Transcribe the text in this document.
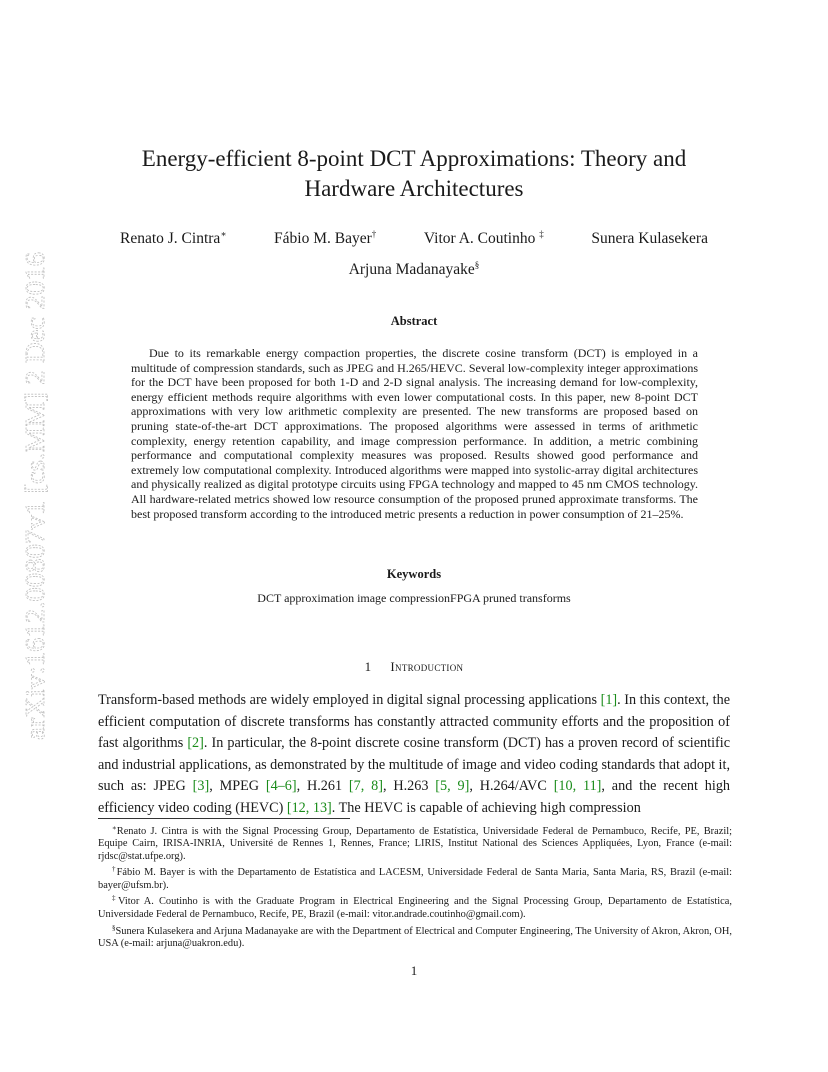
arXiv:1612.00807v1 [cs.MM] 2 Dec 2016
Energy-efficient 8-point DCT Approximations: Theory and
Hardware Architectures
Renato J. Cintra∗	Fábio M. Bayer†	Vitor A. Coutinho ‡	Sunera Kulasekera
Arjuna Madanayake§
Abstract
Due to its remarkable energy compaction properties, the discrete cosine transform (DCT) is employed in a multitude of compression standards, such as JPEG and H.265/HEVC. Several low-complexity integer approximations for the DCT have been proposed for both 1-D and 2-D signal analysis. The increasing demand for low-complexity, energy efficient methods require algorithms with even lower computational costs. In this paper, new 8-point DCT approximations with very low arithmetic complexity are presented. The new transforms are proposed based on pruning state-of-the-art DCT approximations. The proposed algorithms were assessed in terms of arithmetic complexity, energy retention capability, and image compression performance. In addition, a metric combining performance and computational complexity measures was proposed. Results showed good performance and extremely low computational complexity. Introduced algorithms were mapped into systolic-array digital architectures and physically realized as digital prototype circuits using FPGA technology and mapped to 45 nm CMOS technology. All hardware-related metrics showed low resource consumption of the proposed pruned approximate transforms. The best proposed transform according to the introduced metric presents a reduction in power consumption of 21–25%.
Keywords
DCT approximation image compressionFPGA pruned transforms
1 Introduction
Transform-based methods are widely employed in digital signal processing applications [1]. In this context, the efficient computation of discrete transforms has constantly attracted community efforts and the proposition of fast algorithms [2]. In particular, the 8-point discrete cosine transform (DCT) has a proven record of scientific and industrial applications, as demonstrated by the multitude of image and video coding standards that adopt it, such as: JPEG [3], MPEG [4–6], H.261 [7, 8], H.263 [5, 9], H.264/AVC [10, 11], and the recent high efficiency video coding (HEVC) [12, 13]. The HEVC is capable of achieving high compression
∗Renato J. Cintra is with the Signal Processing Group, Departamento de Estatística, Universidade Federal de Pernambuco, Recife, PE, Brazil; Equipe Cairn, IRISA-INRIA, Université de Rennes 1, Rennes, France; LIRIS, Institut National des Sciences Appliquées, Lyon, France (e-mail: rjdsc@stat.ufpe.org).
†Fábio M. Bayer is with the Departamento de Estatística and LACESM, Universidade Federal de Santa Maria, Santa Maria, RS, Brazil (e-mail: bayer@ufsm.br).
‡Vitor A. Coutinho is with the Graduate Program in Electrical Engineering and the Signal Processing Group, Departamento de Estatística, Universidade Federal de Pernambuco, Recife, PE, Brazil (e-mail: vitor.andrade.coutinho@gmail.com).
§Sunera Kulasekera and Arjuna Madanayake are with the Department of Electrical and Computer Engineering, The University of Akron, Akron, OH, USA (e-mail: arjuna@uakron.edu).
1
